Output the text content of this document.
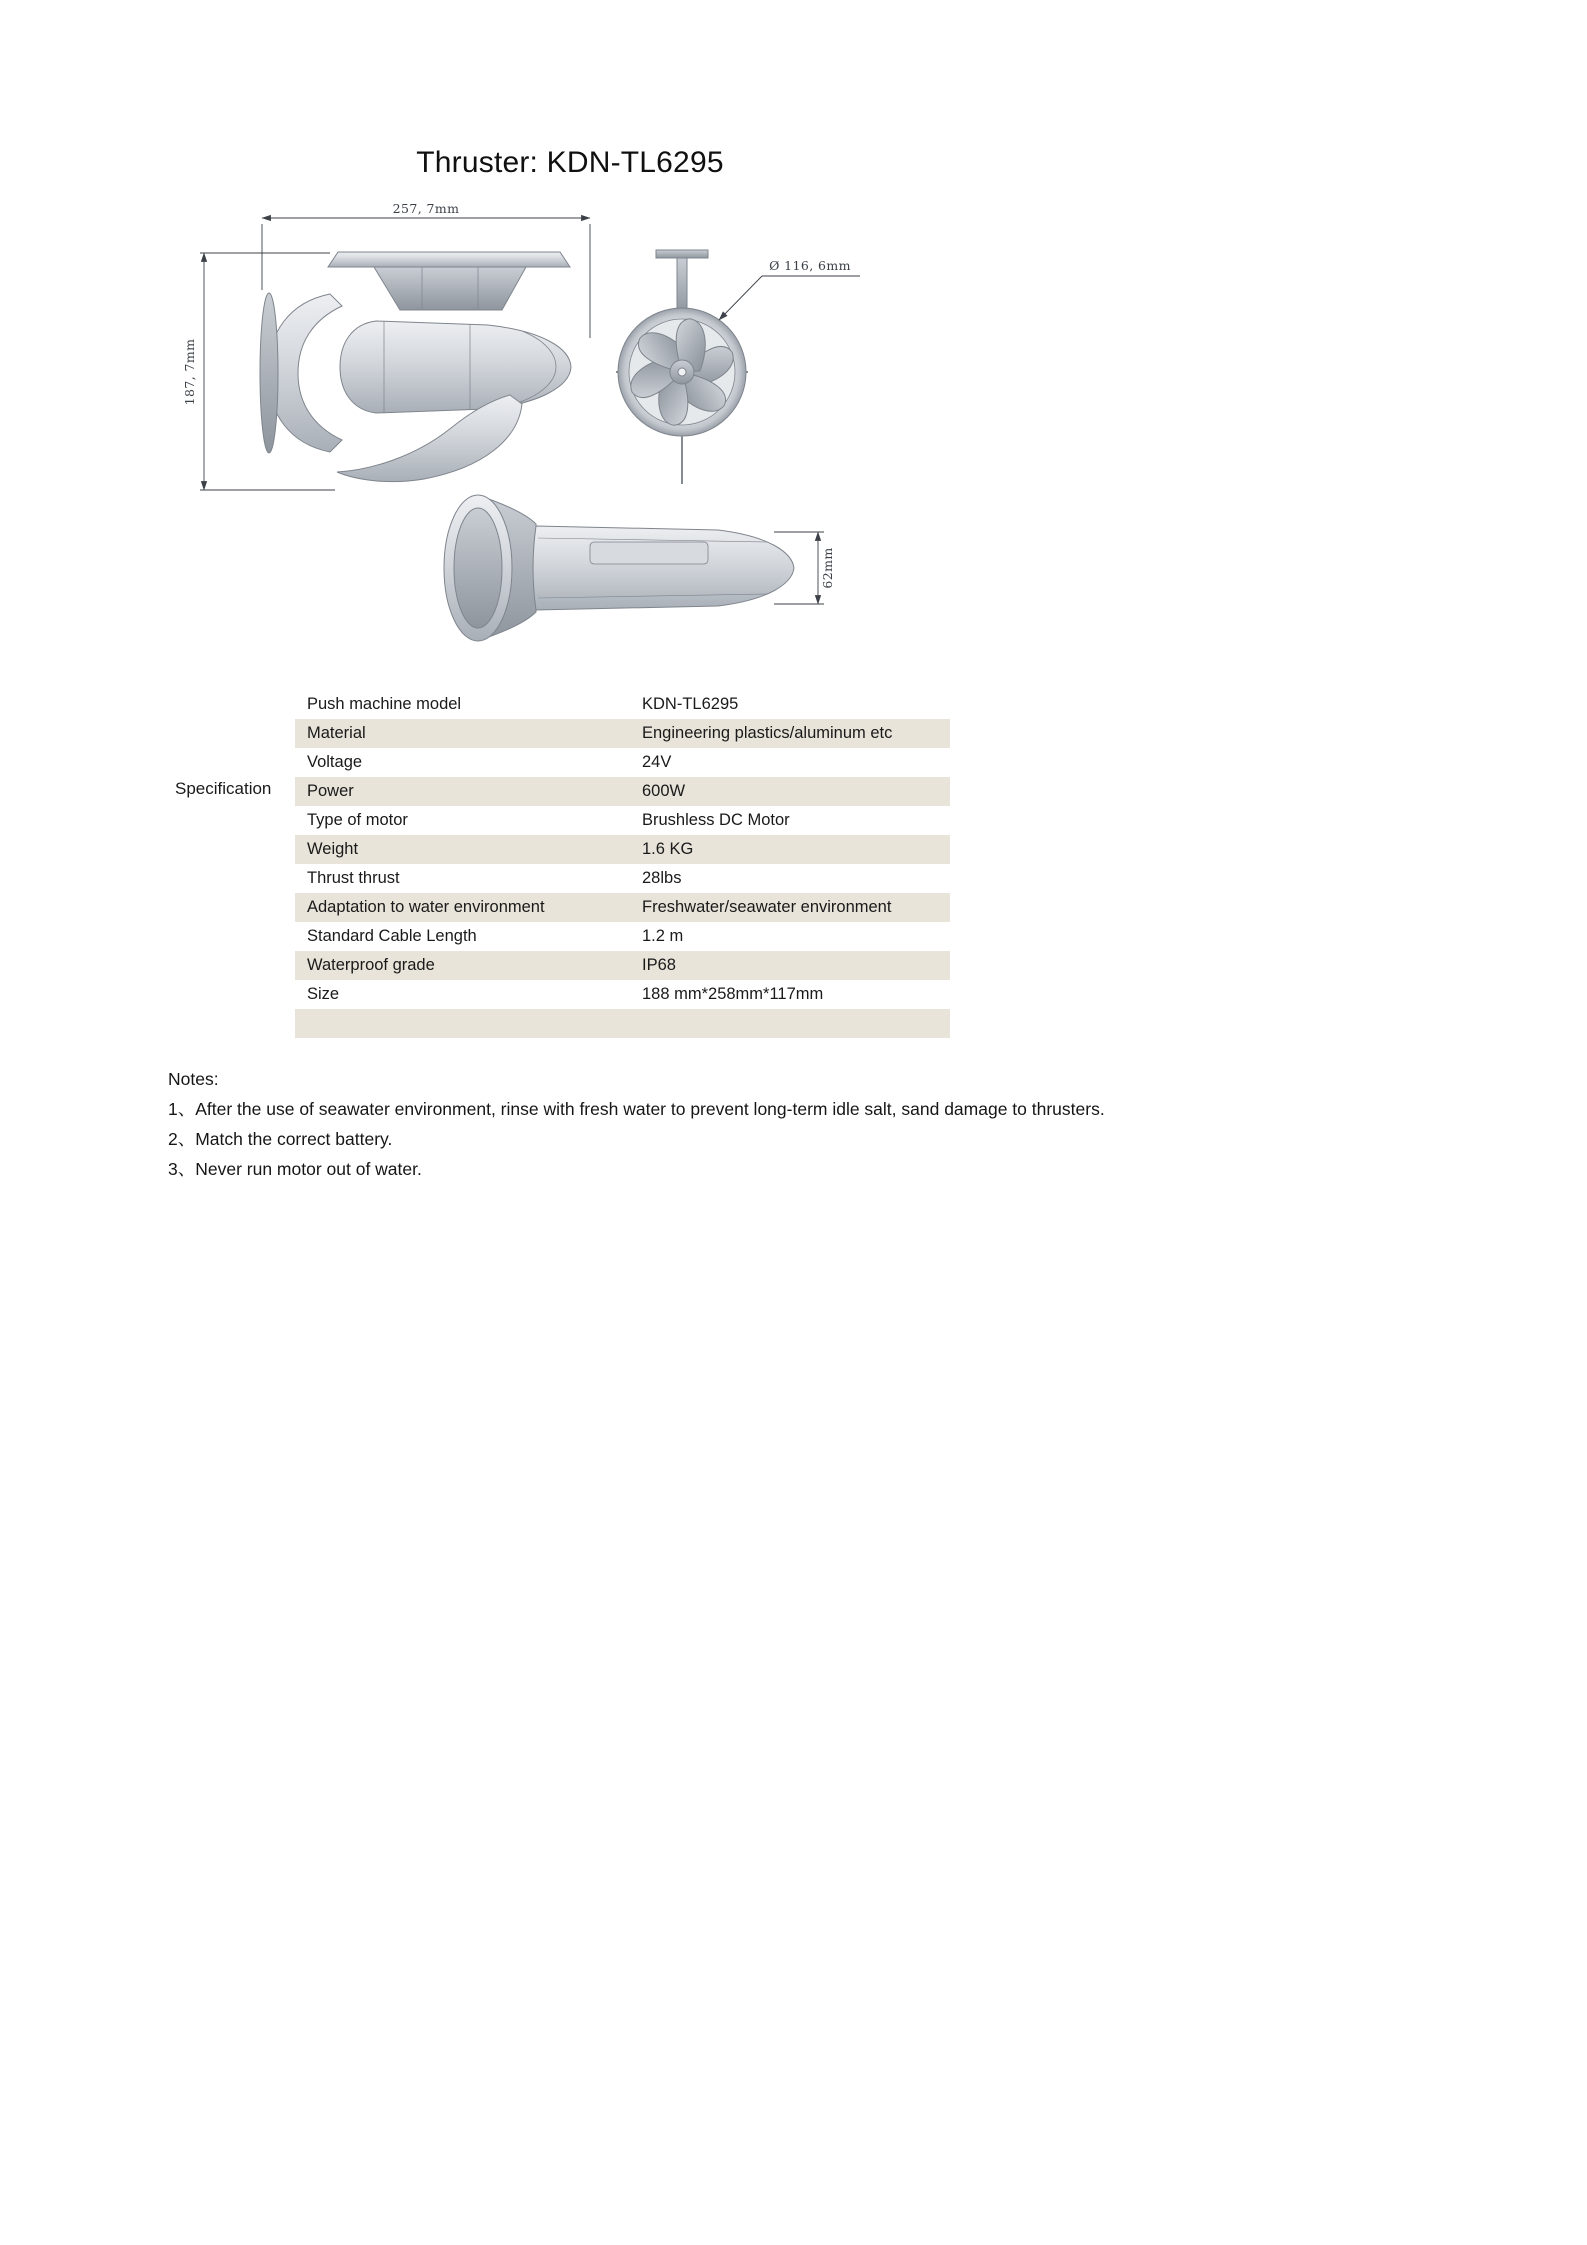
Thruster: KDN-TL6295
257, 7mm
187, 7mm
Ø 116, 6mm
62mm
Specification
Push machine model	KDN-TL6295
Material	Engineering plastics/aluminum etc
Voltage	24V
Power	600W
Type of motor	Brushless DC Motor
Weight	1.6 KG
Thrust thrust	28lbs
Adaptation to water environment	Freshwater/seawater environment
Standard Cable Length	1.2 m
Waterproof grade	IP68
Size	188 mm*258mm*117mm

Notes:

1、After the use of seawater environment, rinse with fresh water to prevent long-term idle salt, sand damage to thrusters.

2、Match the correct battery.

3、Never run motor out of water.
